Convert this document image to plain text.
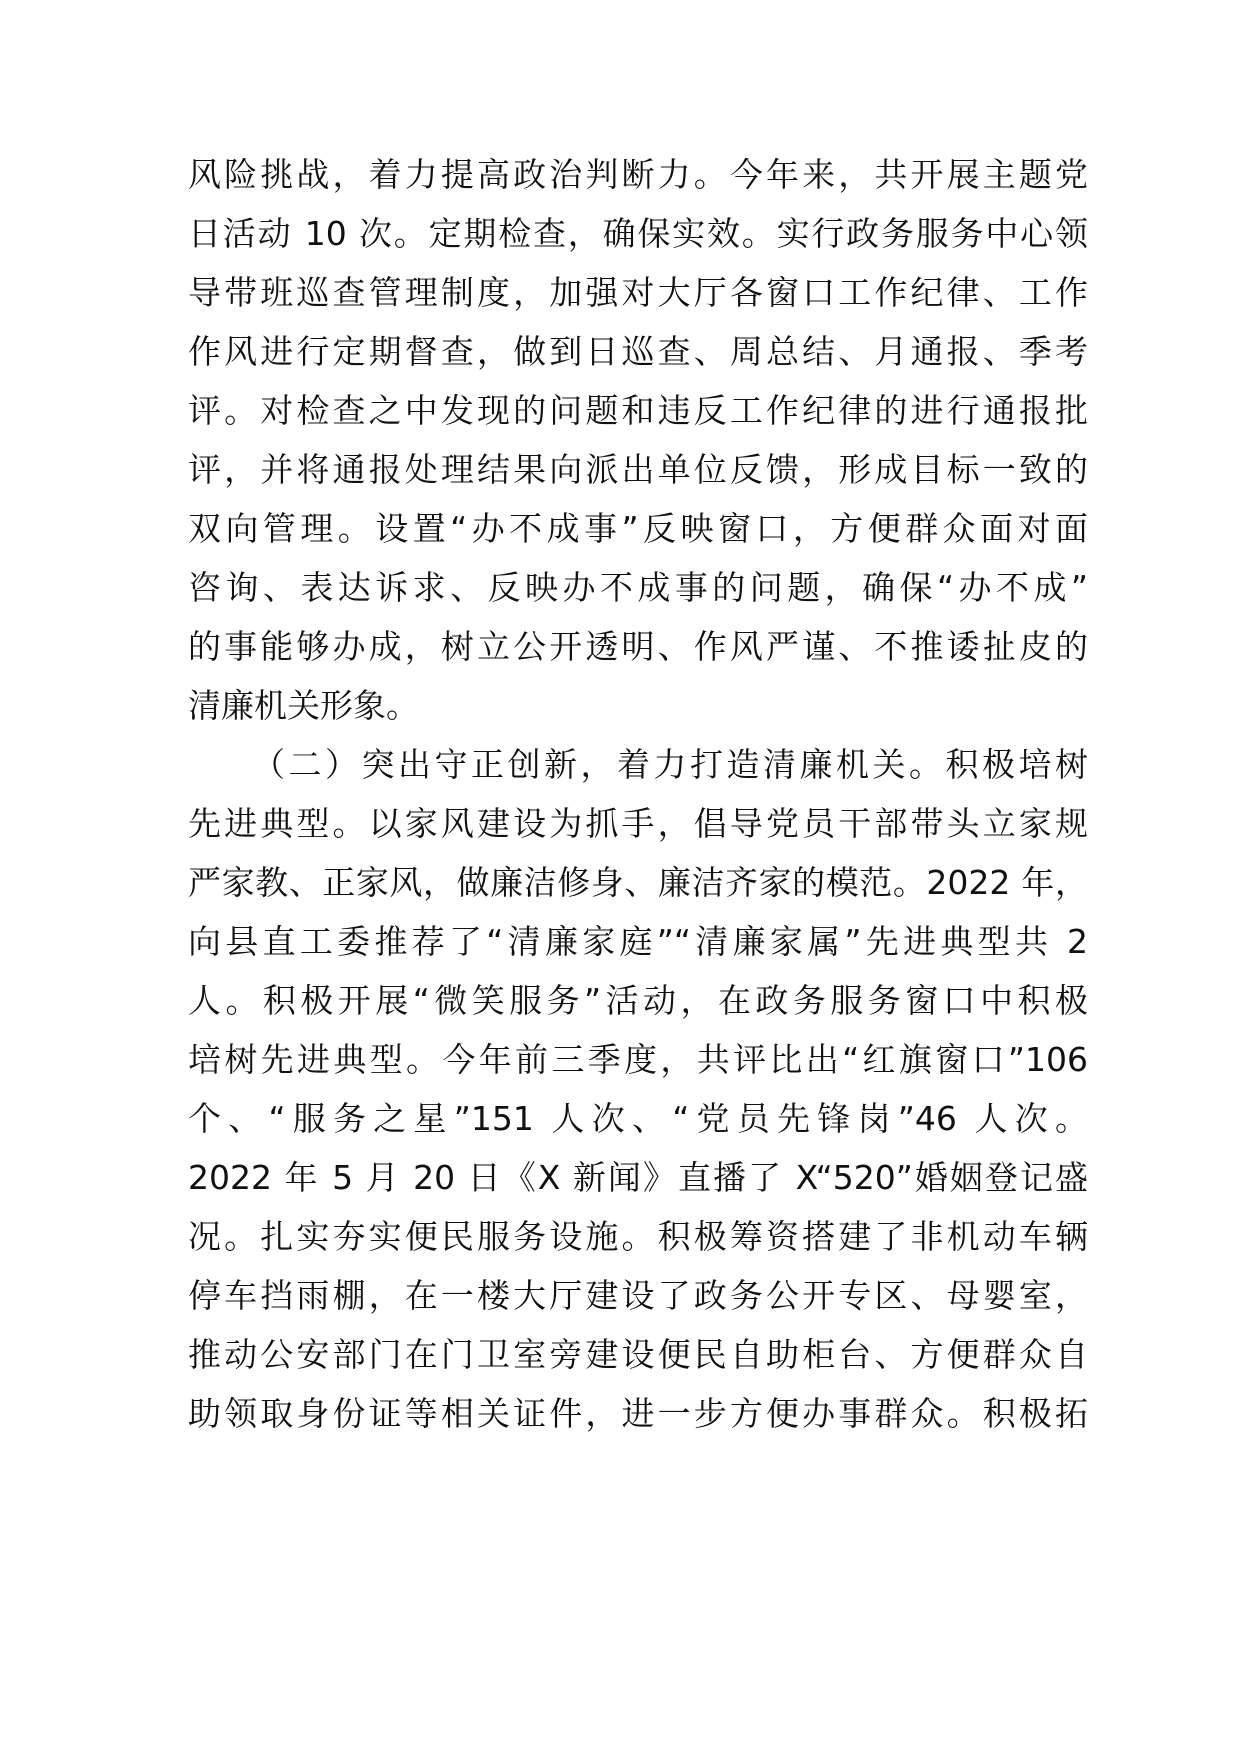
风险挑战，着力提高政治判断力。今年来，共开展主题党
日活动 10 次。定期检查，确保实效。实行政务服务中心领
导带班巡查管理制度，加强对大厅各窗口工作纪律、工作
作风进行定期督查，做到日巡查、周总结、月通报、季考
评。对检查之中发现的问题和违反工作纪律的进行通报批
评，并将通报处理结果向派出单位反馈，形成目标一致的
双向管理。设置“办不成事”反映窗口，方便群众面对面
咨询、表达诉求、反映办不成事的问题，确保“办不成”
的事能够办成，树立公开透明、作风严谨、不推诿扯皮的
清廉机关形象。
（二）突出守正创新，着力打造清廉机关。积极培树
先进典型。以家风建设为抓手，倡导党员干部带头立家规
严家教、正家风，做廉洁修身、廉洁齐家的模范。2022 年，
向县直工委推荐了“清廉家庭”“清廉家属”先进典型共 2
人。积极开展“微笑服务”活动，在政务服务窗口中积极
培树先进典型。今年前三季度，共评比出“红旗窗口”106
个、“服务之星”151 人次、“党员先锋岗”46 人次。
2022 年 5 月 20 日《X 新闻》直播了 X“520”婚姻登记盛
况。扎实夯实便民服务设施。积极筹资搭建了非机动车辆
停车挡雨棚，在一楼大厅建设了政务公开专区、母婴室，
推动公安部门在门卫室旁建设便民自助柜台、方便群众自
助领取身份证等相关证件，进一步方便办事群众。积极拓
